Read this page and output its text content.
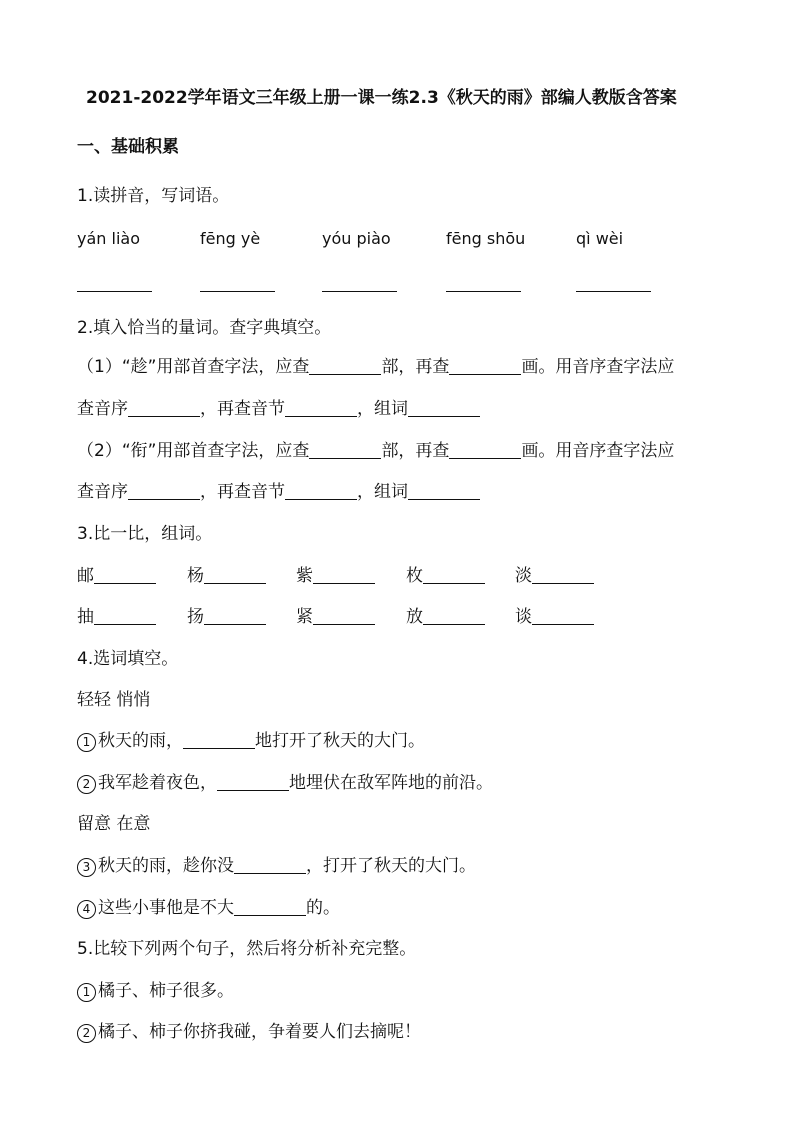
2021-2022学年语文三年级上册一课一练2.3《秋天的雨》部编人教版含答案
一、基础积累
1.读拼音，写词语。
yán liào	fēng yè	yóu piào	fēng shōu	qì wèi
2.填入恰当的量词。查字典填空。
（1）“趁”用部首查字法，应查	部，再查	画。用音序查字法应
查音序	，再查音节	，组词
（2）“衔”用部首查字法，应查	部，再查	画。用音序查字法应
查音序	，再查音节	，组词
3.比一比，组词。
邮	杨	紫	枚	淡
抽	扬	紧	放	谈
4.选词填空。
轻轻 悄悄
1 秋天的雨，	地打开了秋天的大门。
2 我军趁着夜色，	地埋伏在敌军阵地的前沿。
留意 在意
3 秋天的雨，趁你没	，打开了秋天的大门。
4 这些小事他是不大	的。
5.比较下列两个句子，然后将分析补充完整。
1 橘子、柿子很多。
2 橘子、柿子你挤我碰，争着要人们去摘呢！
